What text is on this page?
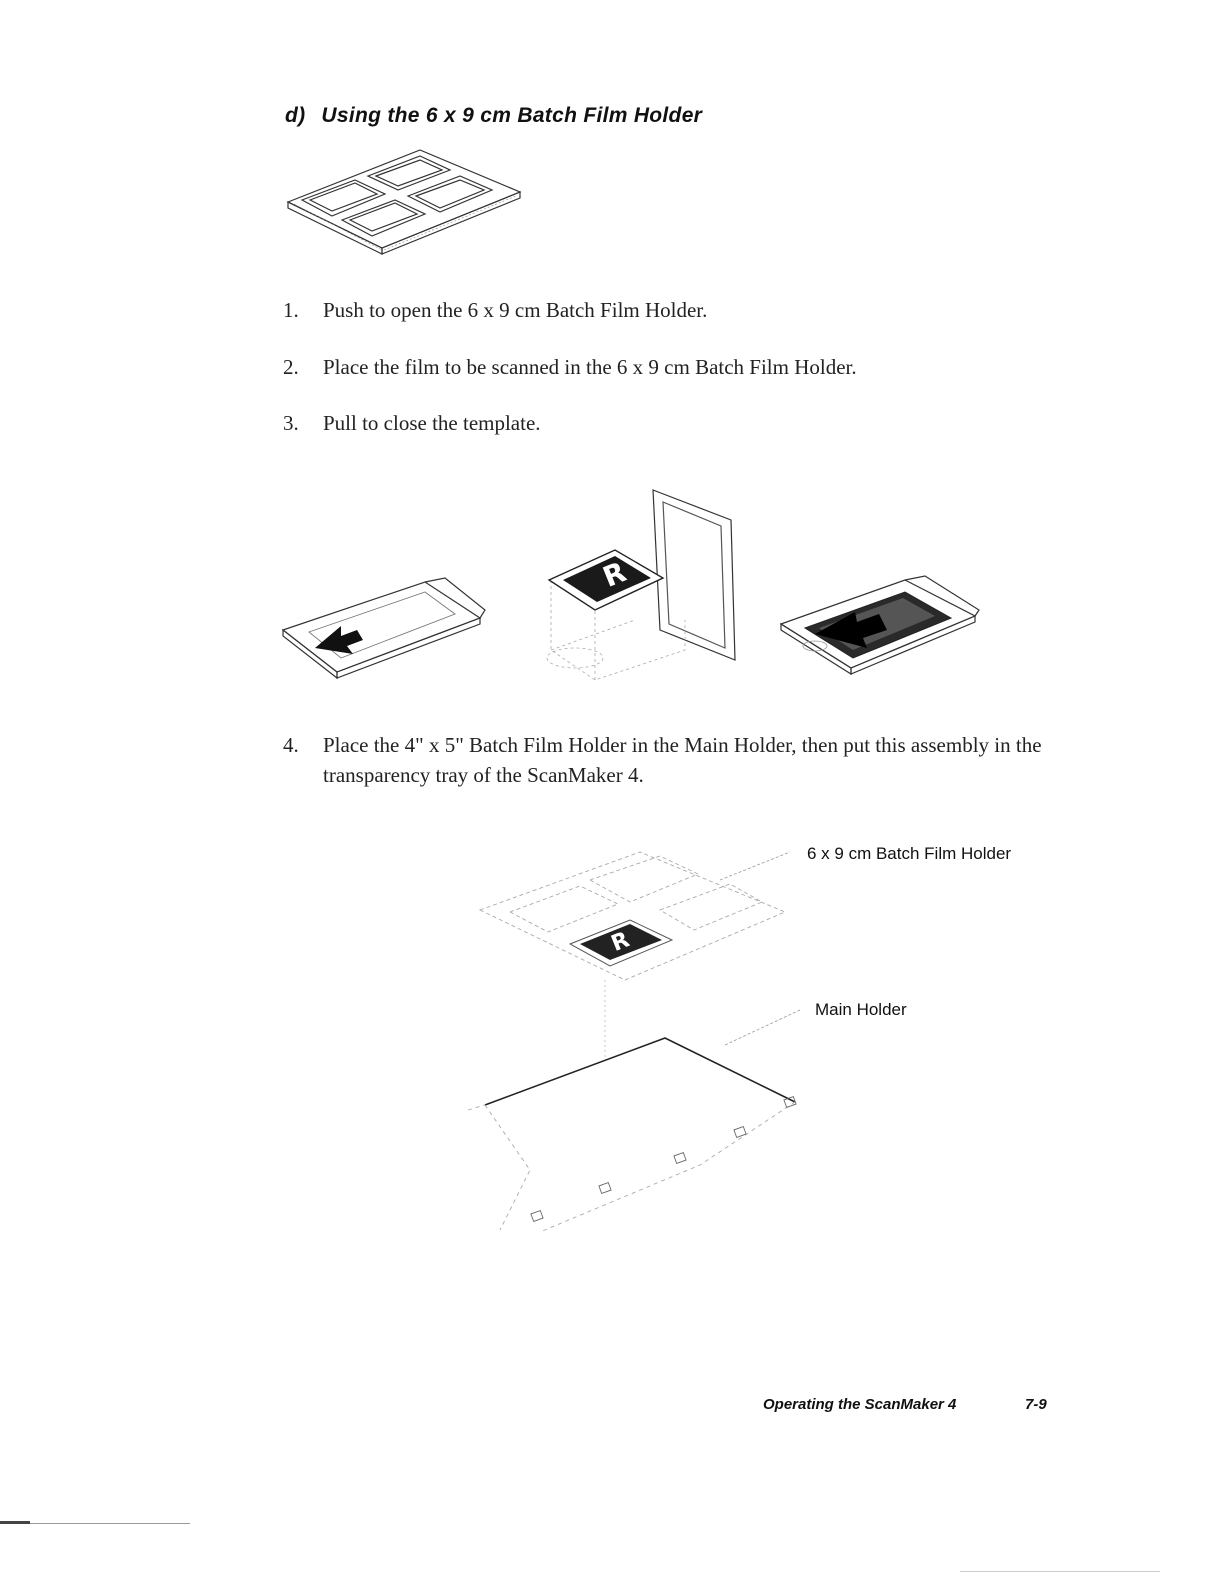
d) Using the 6 x 9 cm Batch Film Holder

1. Push to open the 6 x 9 cm Batch Film Holder.

2. Place the film to be scanned in the 6 x 9 cm Batch Film Holder.

3. Pull to close the template.

R

4. Place the 4" x 5" Batch Film Holder in the Main Holder, then put this assembly in the transparency tray of the ScanMaker 4.

R
6 x 9 cm Batch Film Holder
Main Holder
Operating the ScanMaker 4	7-9
